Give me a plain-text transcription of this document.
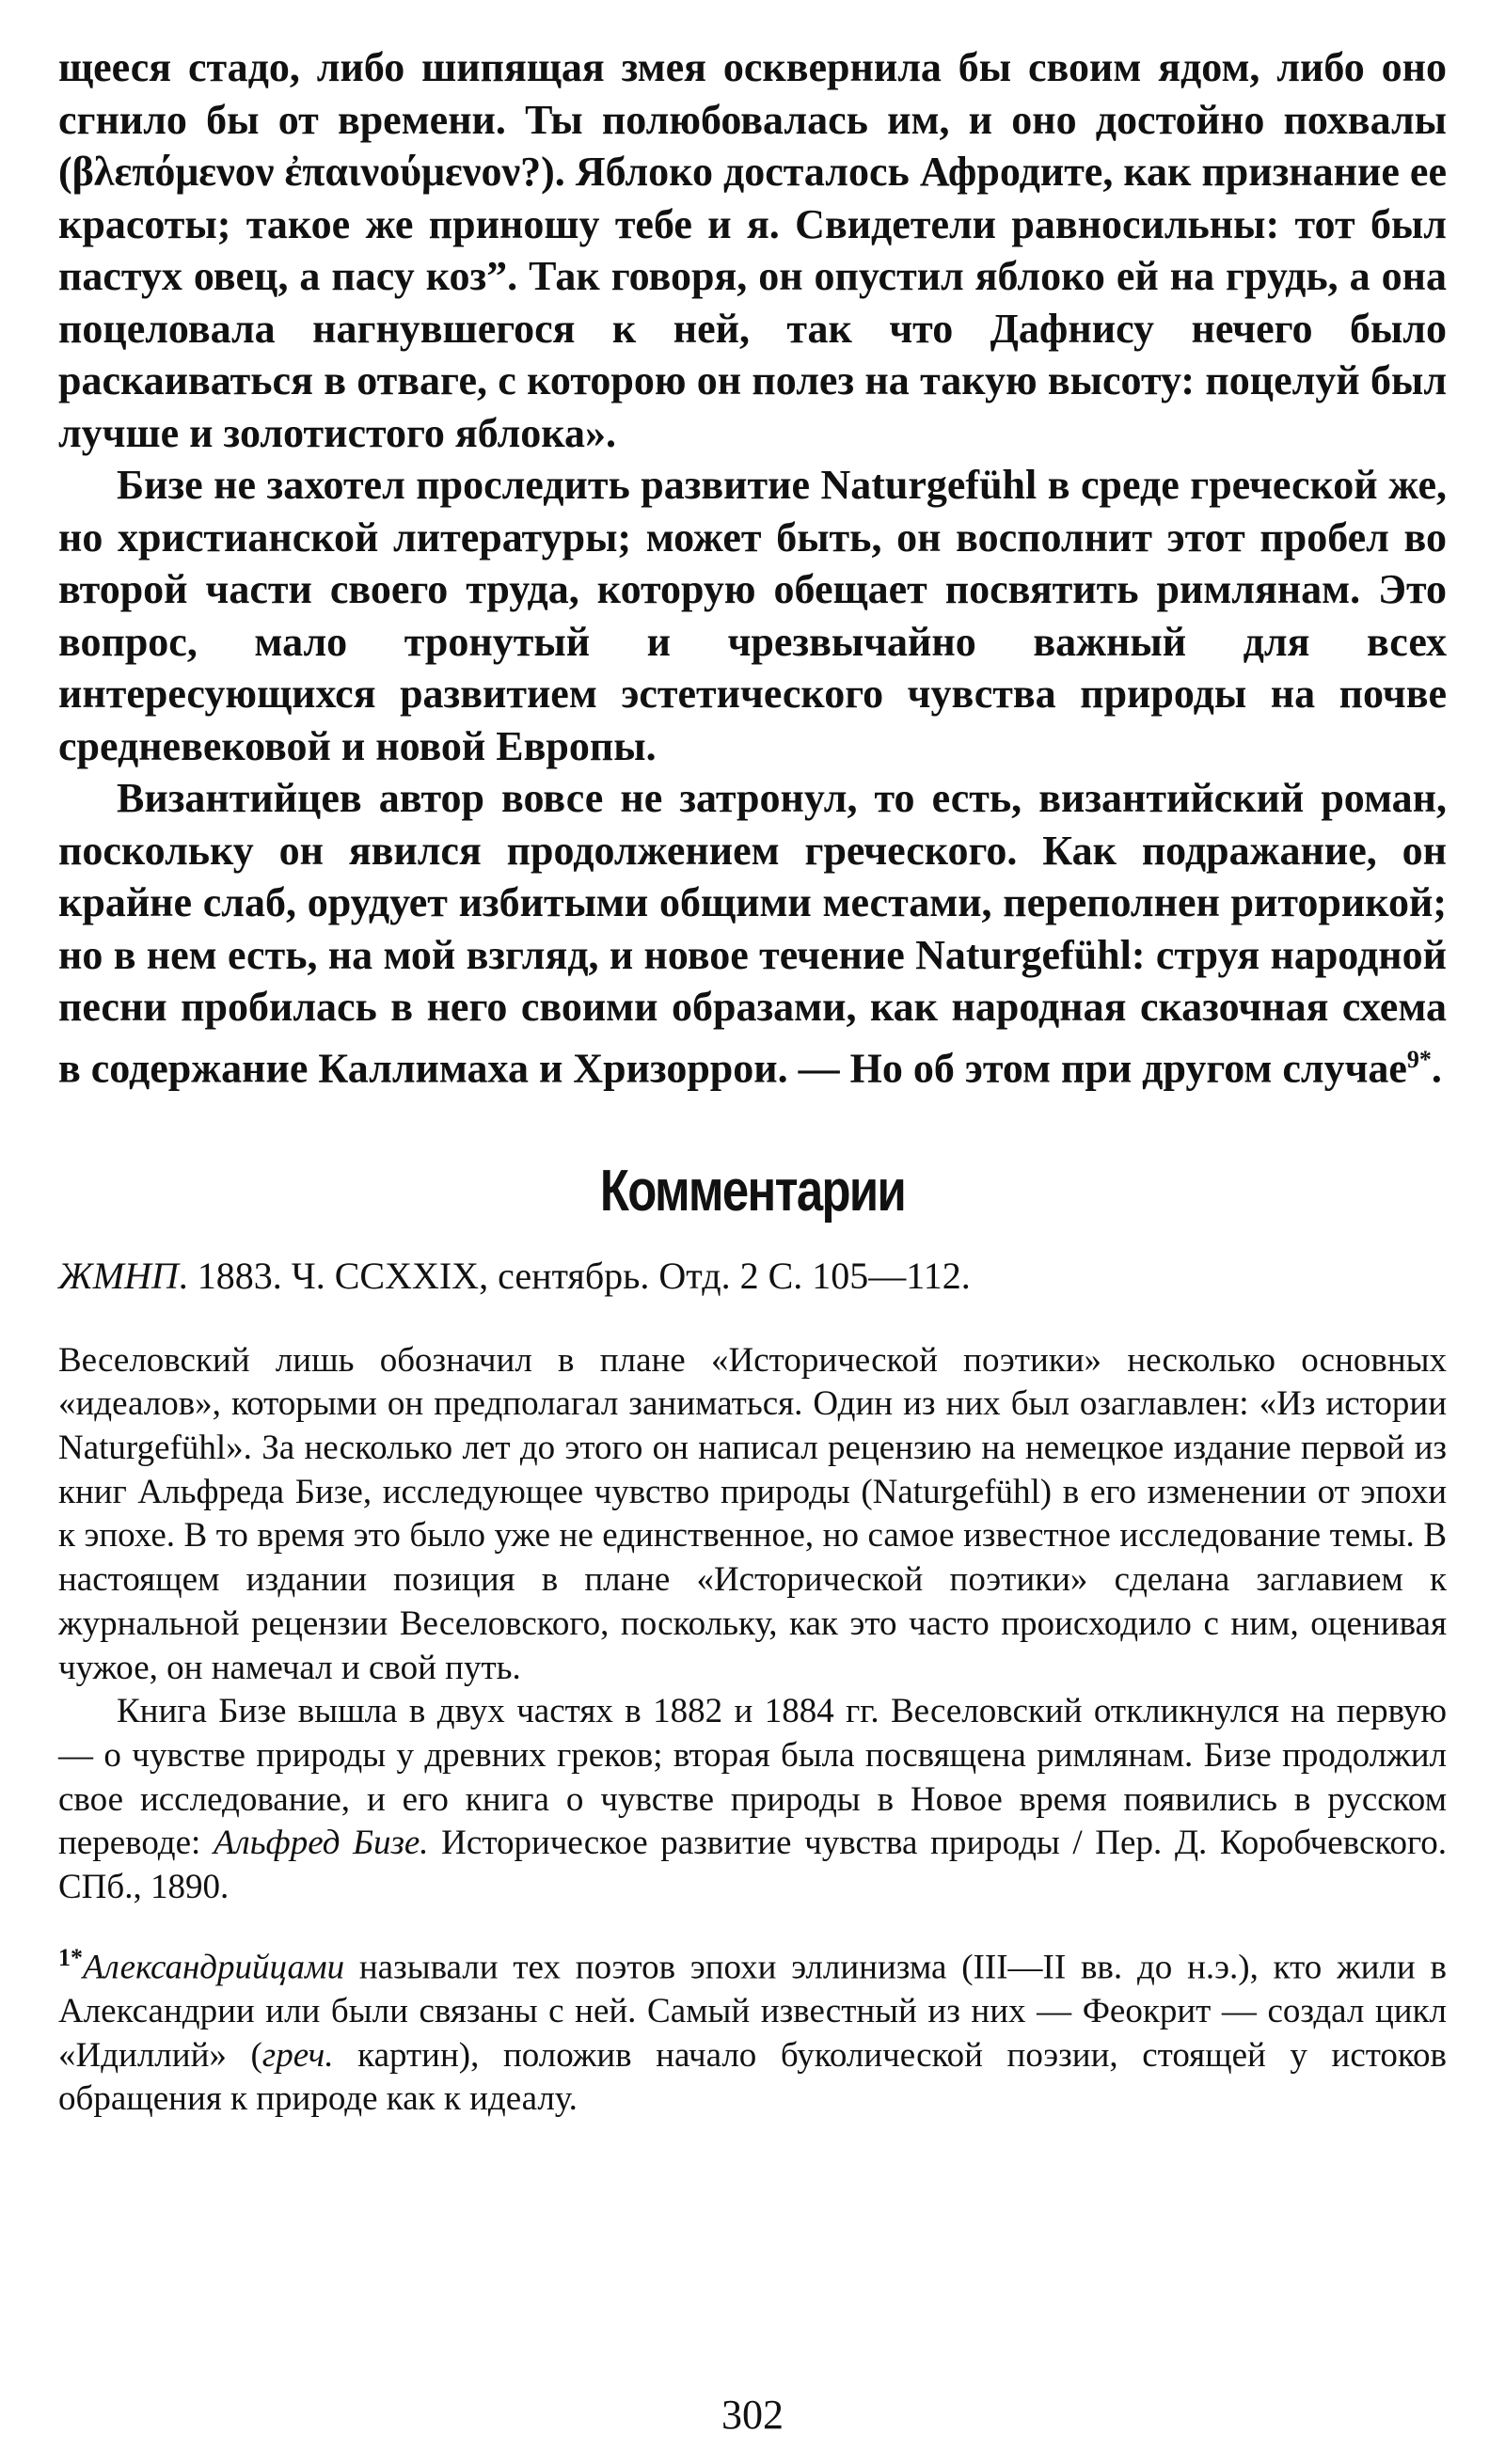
щееся стадо, либо шипящая змея осквернила бы своим ядом, либо оно сгнило бы от времени. Ты полюбовалась им, и оно достойно похвалы (βλεπόμενον ἐπαινούμενον?). Яблоко досталось Афродите, как признание ее красоты; такое же приношу тебе и я. Свидетели равносильны: тот был пастух овец, а пасу коз”. Так говоря, он опустил яблоко ей на грудь, а она поцеловала нагнувшегося к ней, так что Дафнису нечего было раскаиваться в отваге, с которою он полез на такую высоту: поцелуй был лучше и золотистого яблока».

Бизе не захотел проследить развитие Naturgefühl в среде греческой же, но христианской литературы; может быть, он восполнит этот пробел во второй части своего труда, которую обещает посвятить римлянам. Это вопрос, мало тронутый и чрезвычайно важный для всех интересующихся развитием эстетического чувства природы на почве средневековой и новой Европы.

Византийцев автор вовсе не затронул, то есть, византийский роман, поскольку он явился продолжением греческого. Как подражание, он крайне слаб, орудует избитыми общими местами, переполнен риторикой; но в нем есть, на мой взгляд, и новое течение Naturgefühl: струя народной песни пробилась в него своими образами, как народная сказочная схема в содержание Каллимаха и Хризоррои. — Но об этом при другом случае$^{9*}$.

Комментарии
ЖМНП. 1883. Ч. CCXXIX, сентябрь. Отд. 2 С. 105—112.

Веселовский лишь обозначил в плане «Исторической поэтики» несколько основных «идеалов», которыми он предполагал заниматься. Один из них был озаглавлен: «Из истории Naturgefühl». За несколько лет до этого он написал рецензию на немецкое издание первой из книг Альфреда Бизе, исследующее чувство природы (Naturgefühl) в его изменении от эпохи к эпохе. В то время это было уже не единственное, но самое известное исследование темы. В настоящем издании позиция в плане «Исторической поэтики» сделана заглавием к журнальной рецензии Веселовского, поскольку, как это часто происходило с ним, оценивая чужое, он намечал и свой путь.

Книга Бизе вышла в двух частях в 1882 и 1884 гг. Веселовский откликнулся на первую — о чувстве природы у древних греков; вторая была посвящена римлянам. Бизе продолжил свое исследование, и его книга о чувстве природы в Новое время появились в русском переводе: Альфред Бизе. Историческое развитие чувства природы / Пер. Д. Коробчевского. СПб., 1890.

$^{1*}$Александрийцами называли тех поэтов эпохи эллинизма (III—II вв. до н.э.), кто жили в Александрии или были связаны с ней. Самый известный из них — Феокрит — создал цикл «Идиллий» (греч. картин), положив начало буколической поэзии, стоящей у истоков обращения к природе как к идеалу.

302
